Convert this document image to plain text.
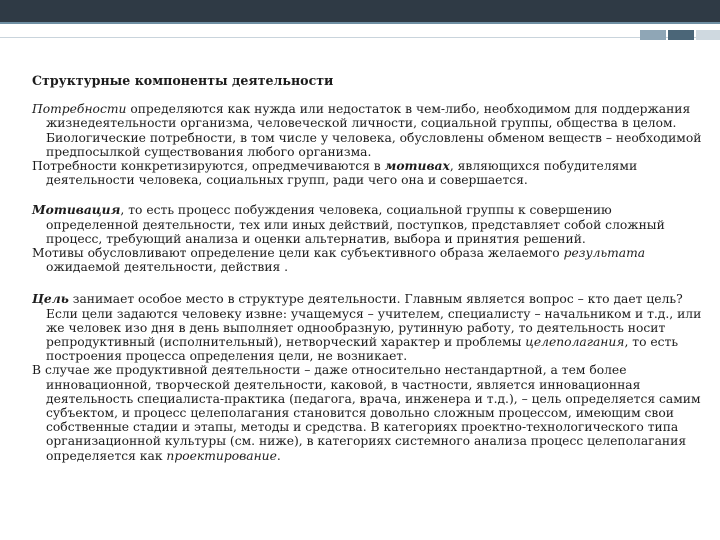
Структурные компоненты деятельности

Потребности определяются как нужда или недостаток в чем-либо, необходимом для поддержания жизнедеятельности организма, человеческой личности, социальной группы, общества в целом. Биологические потребности, в том числе у человека, обусловлены обменом веществ – необходимой предпосылкой существования любого организма.

Потребности конкретизируются, опредмечиваются в мотивах, являющихся побудителями деятельности человека, социальных групп, ради чего она и совершается.

Мотивация, то есть процесс побуждения человека, социальной группы к совершению определенной деятельности, тех или иных действий, поступков, представляет собой сложный процесс, требующий анализа и оценки альтернатив, выбора и принятия решений.

Мотивы обусловливают определение цели как субъективного образа желаемого результата ожидаемой деятельности, действия .

Цель занимает особое место в структуре деятельности. Главным является вопрос – кто дает цель? Если цели задаются человеку извне: учащемуся – учителем, специалисту – начальником и т.д., или же человек изо дня в день выполняет однообразную, рутинную работу, то деятельность носит репродуктивный (исполнительный), нетворческий характер и проблемы целеполагания, то есть построения процесса определения цели, не возникает.

В случае же продуктивной деятельности – даже относительно нестандартной, а тем более инновационной, творческой деятельности, каковой, в частности, является инновационная деятельность специалиста-практика (педагога, врача, инженера и т.д.), – цель определяется самим субъектом, и процесс целеполагания становится довольно сложным процессом, имеющим свои собственные стадии и этапы, методы и средства. В категориях проектно-технологического типа организационной культуры (см. ниже), в категориях системного анализа процесс целеполагания определяется как проектирование.
